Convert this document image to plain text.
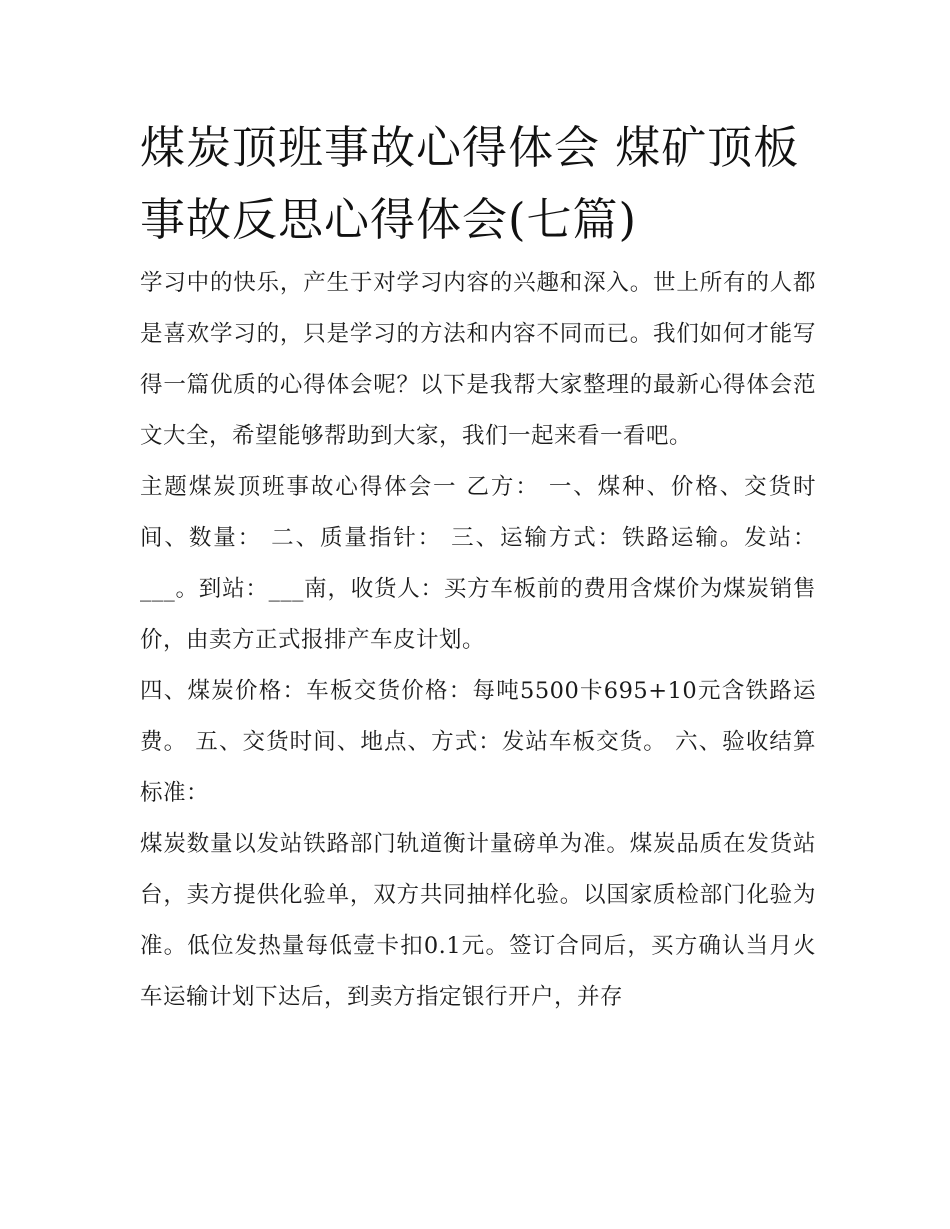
煤炭顶班事故心得体会 煤矿顶板事故反思心得体会(七篇)

学习中的快乐，产生于对学习内容的兴趣和深入。世上所有的人都是喜欢学习的，只是学习的方法和内容不同而已。我们如何才能写得一篇优质的心得体会呢？以下是我帮大家整理的最新心得体会范文大全，希望能够帮助到大家，我们一起来看一看吧。

主题煤炭顶班事故心得体会一 乙方： 一、煤种、价格、交货时间、数量： 二、质量指针： 三、运输方式：铁路运输。发站：___。到站：___南，收货人：买方车板前的费用含煤价为煤炭销售价，由卖方正式报排产车皮计划。

四、煤炭价格：车板交货价格：每吨5500卡695+10元含铁路运费。 五、交货时间、地点、方式：发站车板交货。 六、验收结算标准：

煤炭数量以发站铁路部门轨道衡计量磅单为准。煤炭品质在发货站台，卖方提供化验单，双方共同抽样化验。以国家质检部门化验为准。低位发热量每低壹卡扣0.1元。签订合同后，买方确认当月火车运输计划下达后，到卖方指定银行开户，并存
